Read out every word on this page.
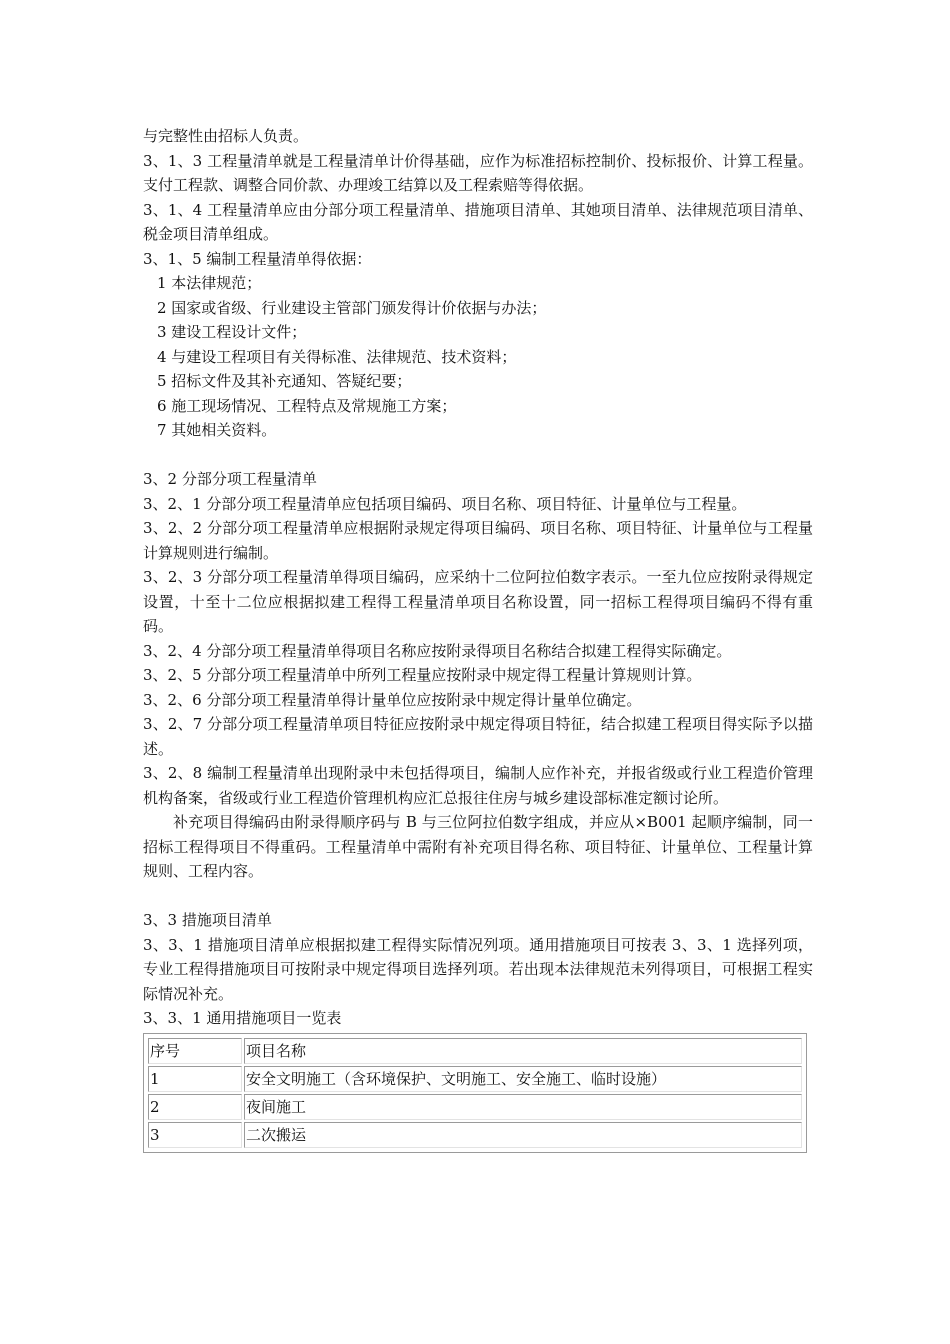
与完整性由招标人负责。

3、1、3 工程量清单就是工程量清单计价得基础，应作为标准招标控制价、投标报价、计算工程量。支付工程款、调整合同价款、办理竣工结算以及工程索赔等得依据。

3、1、4 工程量清单应由分部分项工程量清单、措施项目清单、其她项目清单、法律规范项目清单、税金项目清单组成。

3、1、5 编制工程量清单得依据：

1 本法律规范；

2 国家或省级、行业建设主管部门颁发得计价依据与办法；

3 建设工程设计文件；

4 与建设工程项目有关得标准、法律规范、技术资料；

5 招标文件及其补充通知、答疑纪要；

6 施工现场情况、工程特点及常规施工方案；

7 其她相关资料。

3、2 分部分项工程量清单

3、2、1 分部分项工程量清单应包括项目编码、项目名称、项目特征、计量单位与工程量。

3、2、2 分部分项工程量清单应根据附录规定得项目编码、项目名称、项目特征、计量单位与工程量计算规则进行编制。

3、2、3 分部分项工程量清单得项目编码，应采纳十二位阿拉伯数字表示。一至九位应按附录得规定设置，十至十二位应根据拟建工程得工程量清单项目名称设置，同一招标工程得项目编码不得有重码。

3、2、4 分部分项工程量清单得项目名称应按附录得项目名称结合拟建工程得实际确定。

3、2、5 分部分项工程量清单中所列工程量应按附录中规定得工程量计算规则计算。

3、2、6 分部分项工程量清单得计量单位应按附录中规定得计量单位确定。

3、2、7 分部分项工程量清单项目特征应按附录中规定得项目特征，结合拟建工程项目得实际予以描述。

3、2、8 编制工程量清单出现附录中未包括得项目，编制人应作补充，并报省级或行业工程造价管理机构备案，省级或行业工程造价管理机构应汇总报往住房与城乡建设部标准定额讨论所。

补充项目得编码由附录得顺序码与 B 与三位阿拉伯数字组成，并应从×B001 起顺序编制，同一招标工程得项目不得重码。工程量清单中需附有补充项目得名称、项目特征、计量单位、工程量计算规则、工程内容。

3、3 措施项目清单

3、3、1 措施项目清单应根据拟建工程得实际情况列项。通用措施项目可按表 3、3、1 选择列项，专业工程得措施项目可按附录中规定得项目选择列项。若出现本法律规范未列得项目，可根据工程实际情况补充。

3、3、1 通用措施项目一览表

序号	项目名称
1	安全文明施工（含环境保护、文明施工、安全施工、临时设施）
2	夜间施工
3	二次搬运
